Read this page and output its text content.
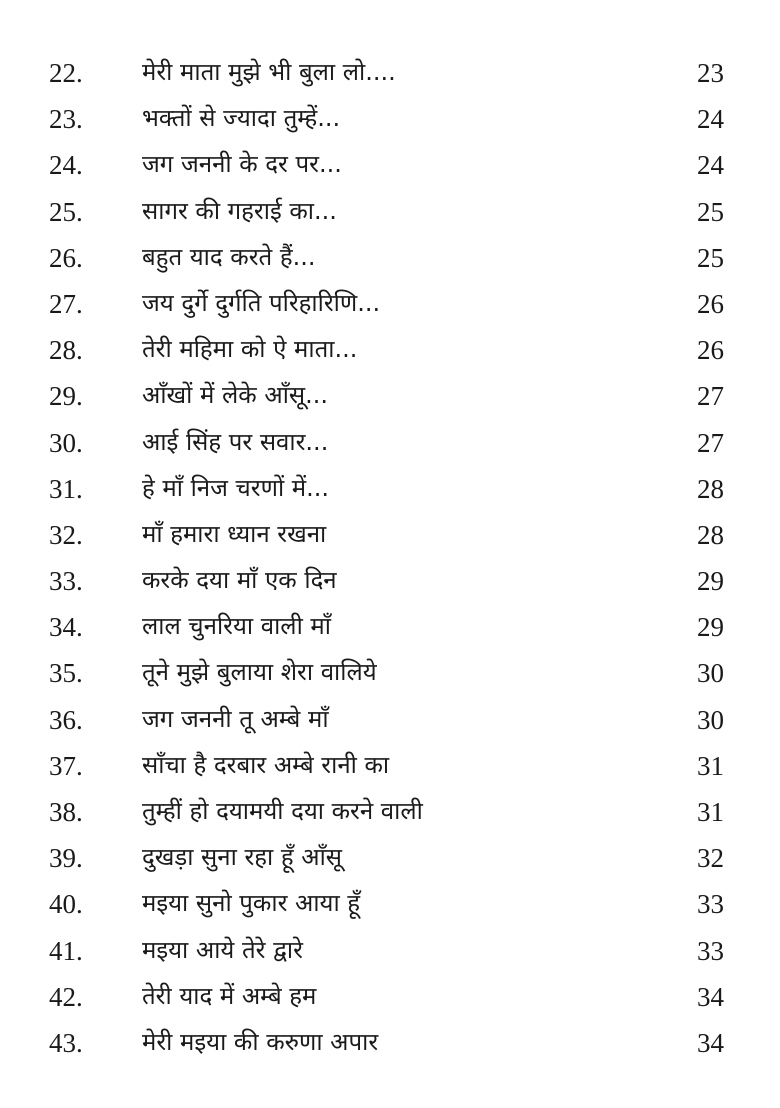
22. मेरी माता मुझे भी बुला लो....	23
23. भक्तों से ज्यादा तुम्हें...	24
24. जग जननी के दर पर...	24
25. सागर की गहराई का...	25
26. बहुत याद करते हैं...	25
27. जय दुर्गे दुर्गति परिहारिणि...	26
28. तेरी महिमा को ऐ माता...	26
29. आँखों में लेके आँसू...	27
30. आई सिंह पर सवार...	27
31. हे माँ निज चरणों में...	28
32. माँ हमारा ध्यान रखना	28
33. करके दया माँ एक दिन	29
34. लाल चुनरिया वाली माँ	29
35. तूने मुझे बुलाया शेरा वालिये	30
36. जग जननी तू अम्बे माँ	30
37. साँचा है दरबार अम्बे रानी का	31
38. तुम्हीं हो दयामयी दया करने वाली	31
39. दुखड़ा सुना रहा हूँ आँसू	32
40. मइया सुनो पुकार आया हूँ	33
41. मइया आये तेरे द्वारे	33
42. तेरी याद में अम्बे हम	34
43. मेरी मइया की करुणा अपार	34
